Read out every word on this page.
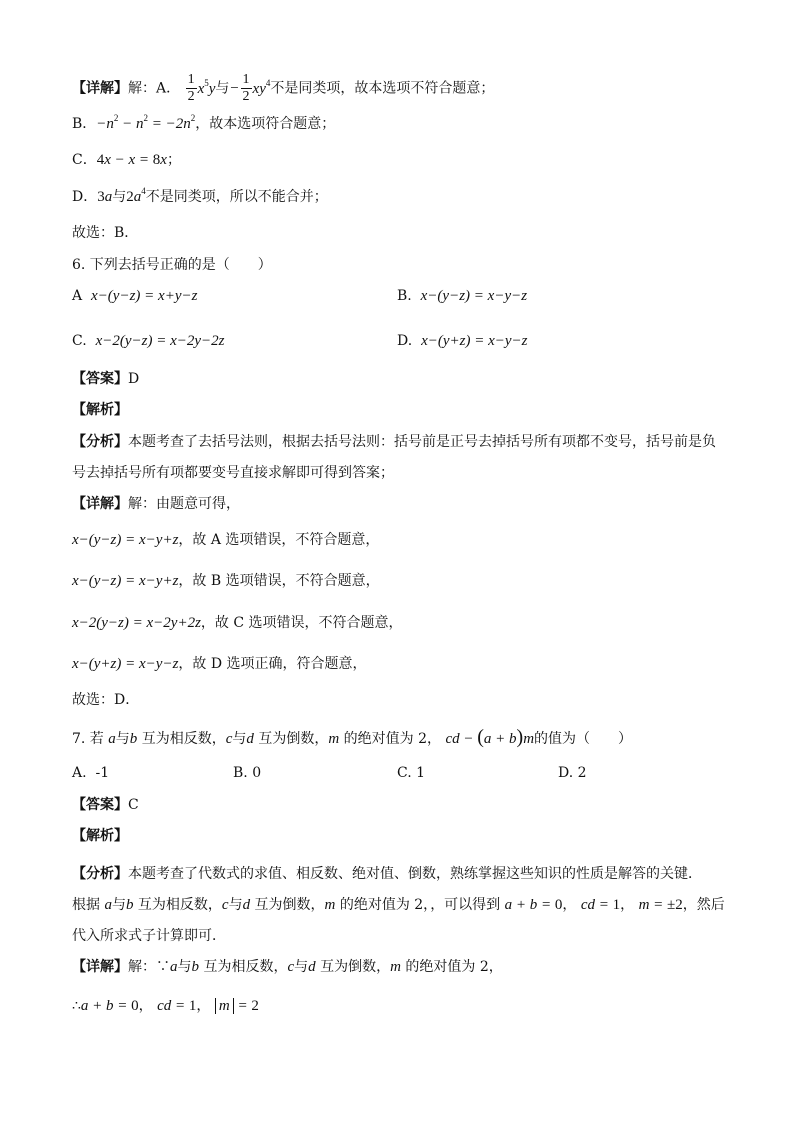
【详解】解：A． $\frac{1}{2} x^5y$与− $\frac{1}{2} xy^4$不是同类项，故本选项不符合题意；
B．$-n^2 - n^2 = -2n^2$，故本选项符合题意；
C．4x − x = 8x；
D．3a与$2a^4$不是同类项，所以不能合并；
故选：B．
6. 下列去括号正确的是（　　）
A x−(y−z) = x+y−z	B. x−(y−z) = x−y−z
C. x−2(y−z) = x−2y−2z	D. x−(y+z) = x−y−z
【答案】D
【解析】
【分析】本题考查了去括号法则，根据去括号法则：括号前是正号去掉括号所有项都不变号，括号前是负
号去掉括号所有项都要变号直接求解即可得到答案；
【详解】解：由题意可得，
x−(y−z) = x−y+z，故 A 选项错误，不符合题意，
x−(y−z) = x−y+z，故 B 选项错误，不符合题意，
x−2(y−z) = x−2y+2z，故 C 选项错误，不符合题意，
x−(y+z) = x−y−z，故 D 选项正确，符合题意，
故选：D．
7. 若 a与b 互为相反数，c与d 互为倒数，m 的绝对值为 2， cd − (a + b)m的值为（　　）
A. -1	B. 0	C. 1	D. 2
【答案】C
【解析】
【分析】本题考查了代数式的求值、相反数、绝对值、倒数，熟练掌握这些知识的性质是解答的关键．
根据 a与b 互为相反数，c与d 互为倒数，m 的绝对值为 2，，可以得到 a + b = 0， cd = 1， m = ±2，然后
代入所求式子计算即可．
【详解】解：∵a与b 互为相反数，c与d 互为倒数，m 的绝对值为 2，
∴a + b = 0， cd = 1， m = 2
